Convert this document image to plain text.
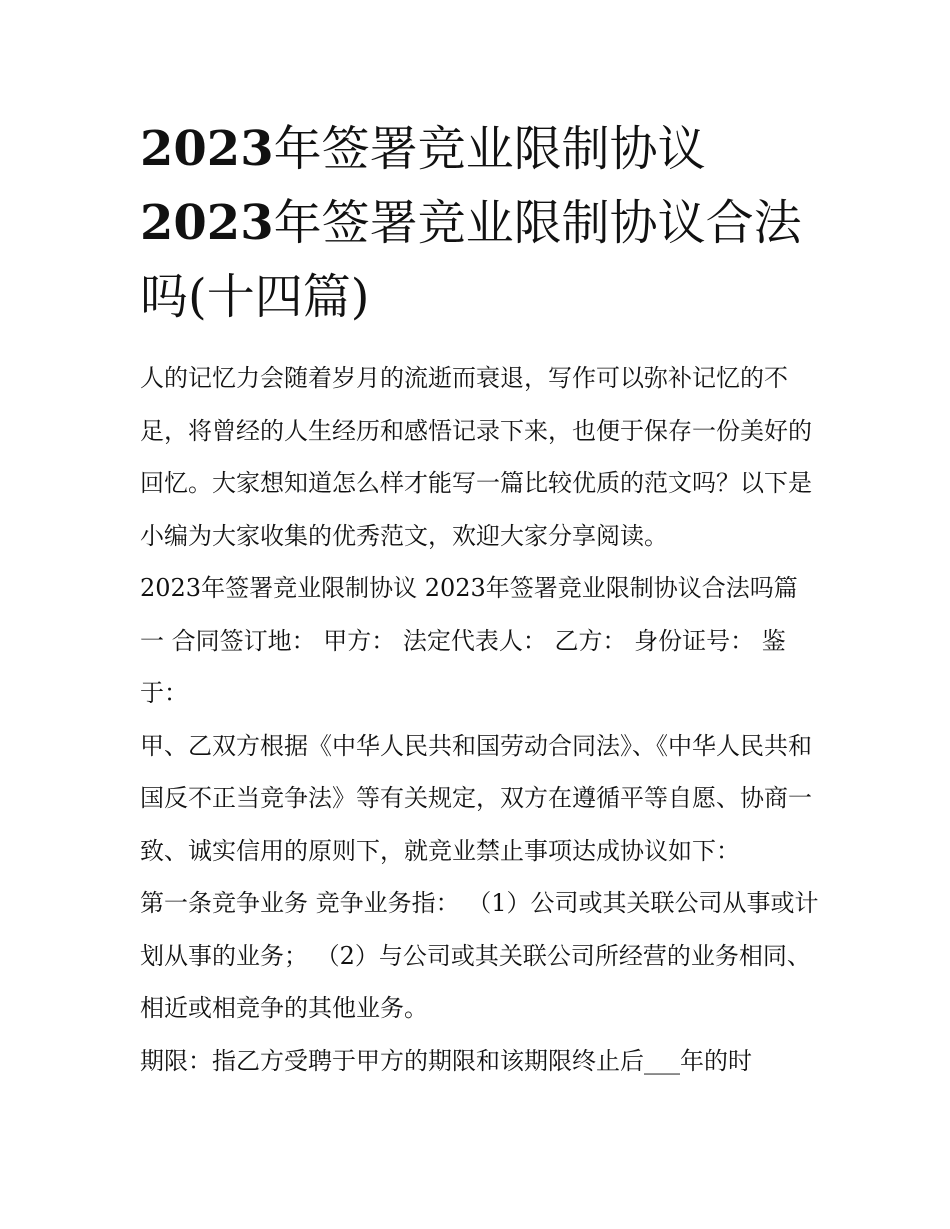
2023年签署竞业限制协议
2023年签署竞业限制协议合法吗(十四篇)

人的记忆力会随着岁月的流逝而衰退，写作可以弥补记忆的不足，将曾经的人生经历和感悟记录下来，也便于保存一份美好的回忆。大家想知道怎么样才能写一篇比较优质的范文吗？以下是小编为大家收集的优秀范文，欢迎大家分享阅读。

2023年签署竞业限制协议 2023年签署竞业限制协议合法吗篇一 合同签订地： 甲方： 法定代表人： 乙方： 身份证号： 鉴于：

甲、乙双方根据《中华人民共和国劳动合同法》、《中华人民共和国反不正当竞争法》等有关规定，双方在遵循平等自愿、协商一致、诚实信用的原则下，就竞业禁止事项达成协议如下：

第一条竞争业务 竞争业务指： （1）公司或其关联公司从事或计划从事的业务； （2）与公司或其关联公司所经营的业务相同、相近或相竞争的其他业务。

期限：指乙方受聘于甲方的期限和该期限终止后___年的时
